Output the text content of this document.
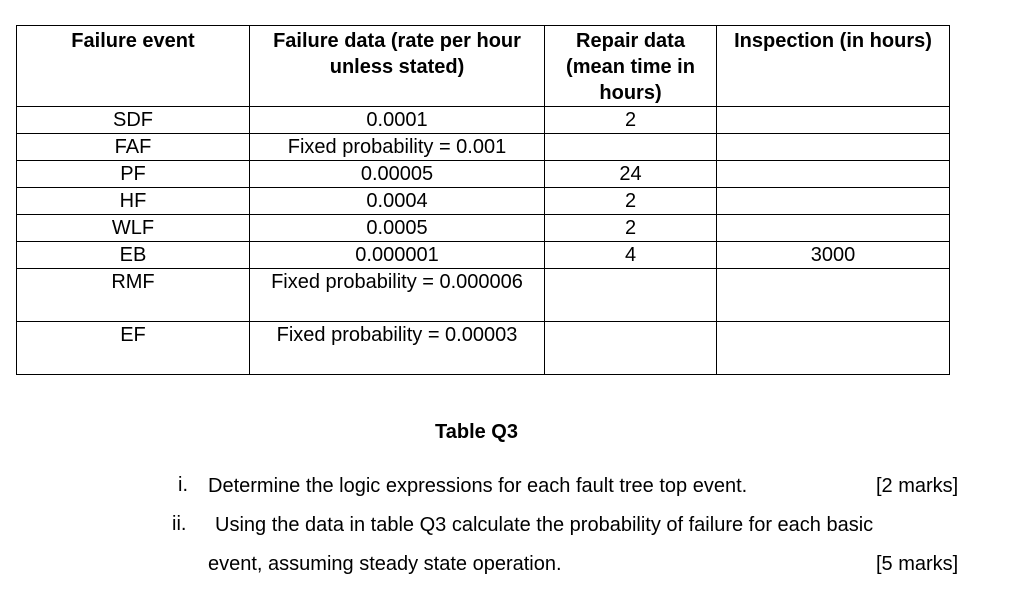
Failure event	Failure data (rate per hour unless stated)	Repair data (mean time in hours)	Inspection (in hours)
SDF	0.0001	2	
FAF	Fixed probability = 0.001		
PF	0.00005	24	
HF	0.0004	2	
WLF	0.0005	2	
EB	0.000001	4	3000
RMF	Fixed probability = 0.000006		
EF	Fixed probability = 0.00003		
Table Q3
i. Determine the logic expressions for each fault tree top event.	[2 marks]
ii. Using the data in table Q3 calculate the probability of failure for each basic
event, assuming steady state operation.	[5 marks]
